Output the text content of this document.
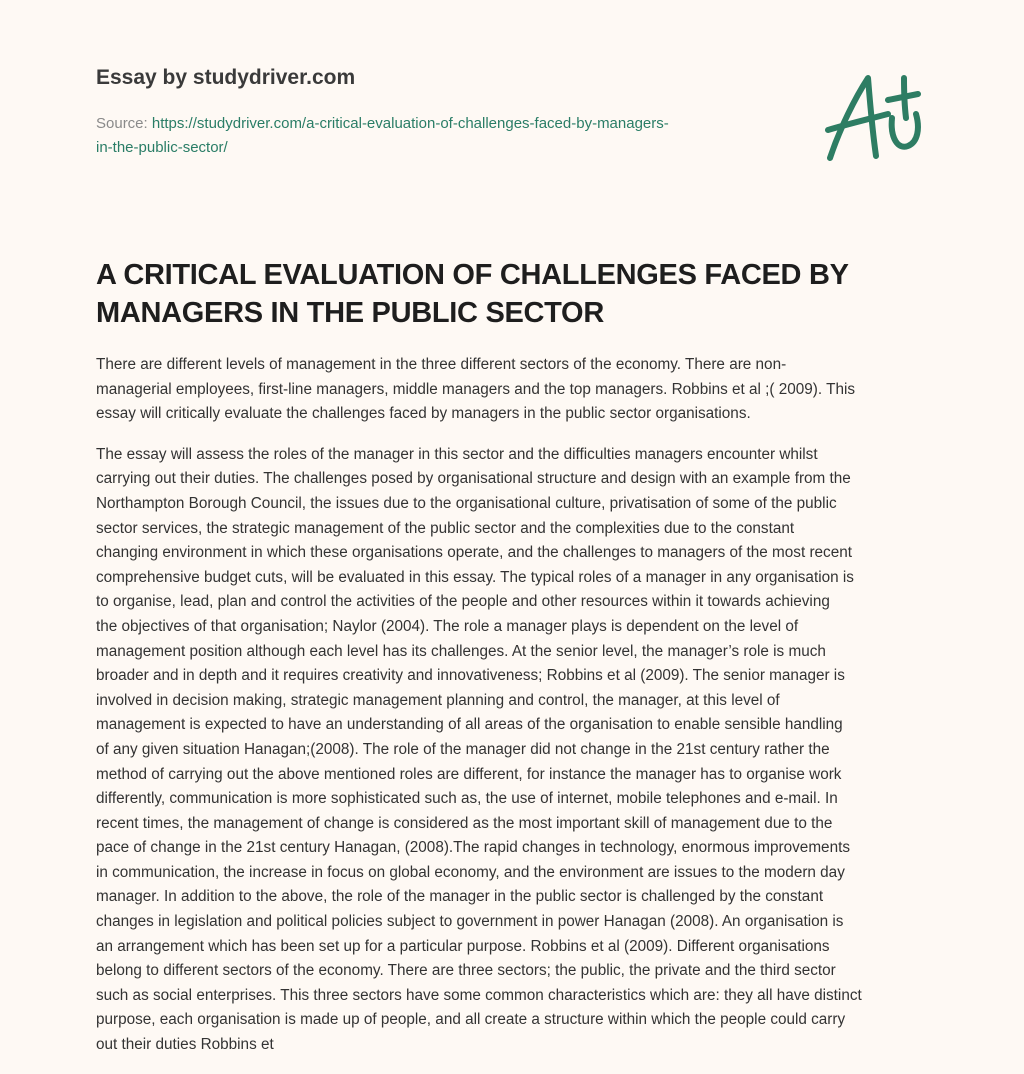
Essay by studydriver.com
Source: https://studydriver.com/a-critical-evaluation-of-challenges-faced-by-managers-
in-the-public-sector/
A CRITICAL EVALUATION OF CHALLENGES FACED BY MANAGERS IN THE PUBLIC SECTOR
There are different levels of management in the three different sectors of the economy. There are non-
managerial employees, first-line managers, middle managers and the top managers. Robbins et al ;( 2009). This
essay will critically evaluate the challenges faced by managers in the public sector organisations.
The essay will assess the roles of the manager in this sector and the difficulties managers encounter whilst
carrying out their duties. The challenges posed by organisational structure and design with an example from the
Northampton Borough Council, the issues due to the organisational culture, privatisation of some of the public
sector services, the strategic management of the public sector and the complexities due to the constant
changing environment in which these organisations operate, and the challenges to managers of the most recent
comprehensive budget cuts, will be evaluated in this essay. The typical roles of a manager in any organisation is
to organise, lead, plan and control the activities of the people and other resources within it towards achieving
the objectives of that organisation; Naylor (2004). The role a manager plays is dependent on the level of
management position although each level has its challenges. At the senior level, the manager’s role is much
broader and in depth and it requires creativity and innovativeness; Robbins et al (2009). The senior manager is
involved in decision making, strategic management planning and control, the manager, at this level of
management is expected to have an understanding of all areas of the organisation to enable sensible handling
of any given situation Hanagan;(2008). The role of the manager did not change in the 21st century rather the
method of carrying out the above mentioned roles are different, for instance the manager has to organise work
differently, communication is more sophisticated such as, the use of internet, mobile telephones and e-mail. In
recent times, the management of change is considered as the most important skill of management due to the
pace of change in the 21st century Hanagan, (2008).The rapid changes in technology, enormous improvements
in communication, the increase in focus on global economy, and the environment are issues to the modern day
manager. In addition to the above, the role of the manager in the public sector is challenged by the constant
changes in legislation and political policies subject to government in power Hanagan (2008). An organisation is
an arrangement which has been set up for a particular purpose. Robbins et al (2009). Different organisations
belong to different sectors of the economy. There are three sectors; the public, the private and the third sector
such as social enterprises. This three sectors have some common characteristics which are: they all have distinct
purpose, each organisation is made up of people, and all create a structure within which the people could carry
out their duties Robbins et
